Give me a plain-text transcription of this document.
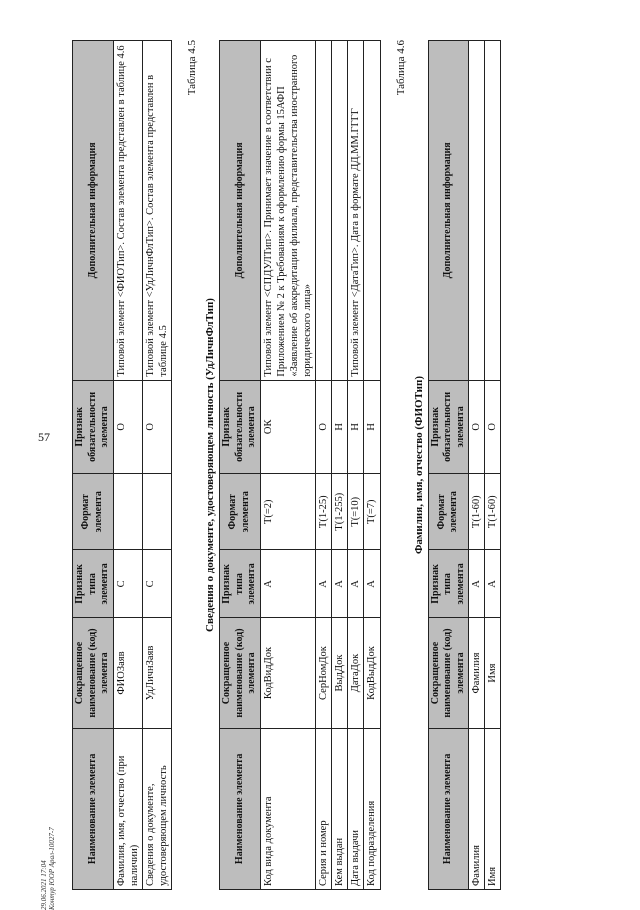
57
Наименование элемента	Сокращенное наименование (код) элемента	Признак типа элемента	Формат элемента	Признак обязательности элемента	Дополнительная информация
Фамилия, имя, отчество (при наличии)	ФИОЗаяв	С		О	Типовой элемент <ФИОТип>. Состав элемента представлен в таблице 4.6
Сведения о документе, удостоверяющем личность	УдЛичнЗаяв	С		О	Типовой элемент <УдЛичнФлТип>. Состав элемента представлен в таблице 4.5
Таблица 4.5
Сведения о документе, удостоверяющем личность (УдЛичнФлТип)
Наименование элемента	Сокращенное наименование (код) элемента	Признак типа элемента	Формат элемента	Признак обязательности элемента	Дополнительная информация
Код вида документа	КодВидДок	А	T(=2)	ОК	Типовой элемент <СПДУЛТип>. Принимает значение в соответствии с Приложением № 2 к Требованиям к оформлению формы 15АФП «Заявление об аккредитации филиала, представительства иностранного юридического лица»
Серия и номер	СерНомДок	А	T(1-25)	О	
Кем выдан	ВыдДок	А	T(1-255)	Н	
Дата выдачи	ДатаДок	А	T(=10)	Н	Типовой элемент <ДатаТип>. Дата в формате ДД.ММ.ГГГГ
Код подразделения	КодВыдДок	А	T(=7)	Н	
Таблица 4.6
Фамилия, имя, отчество (ФИОТип)
Наименование элемента	Сокращенное наименование (код) элемента	Признак типа элемента	Формат элемента	Признак обязательности элемента	Дополнительная информация
Фамилия	Фамилия	А	T(1-60)	О	
Имя	Имя	А	T(1-60)	О	
29.06.2021 17:04 Контур ЮОР Арал-10027-7
